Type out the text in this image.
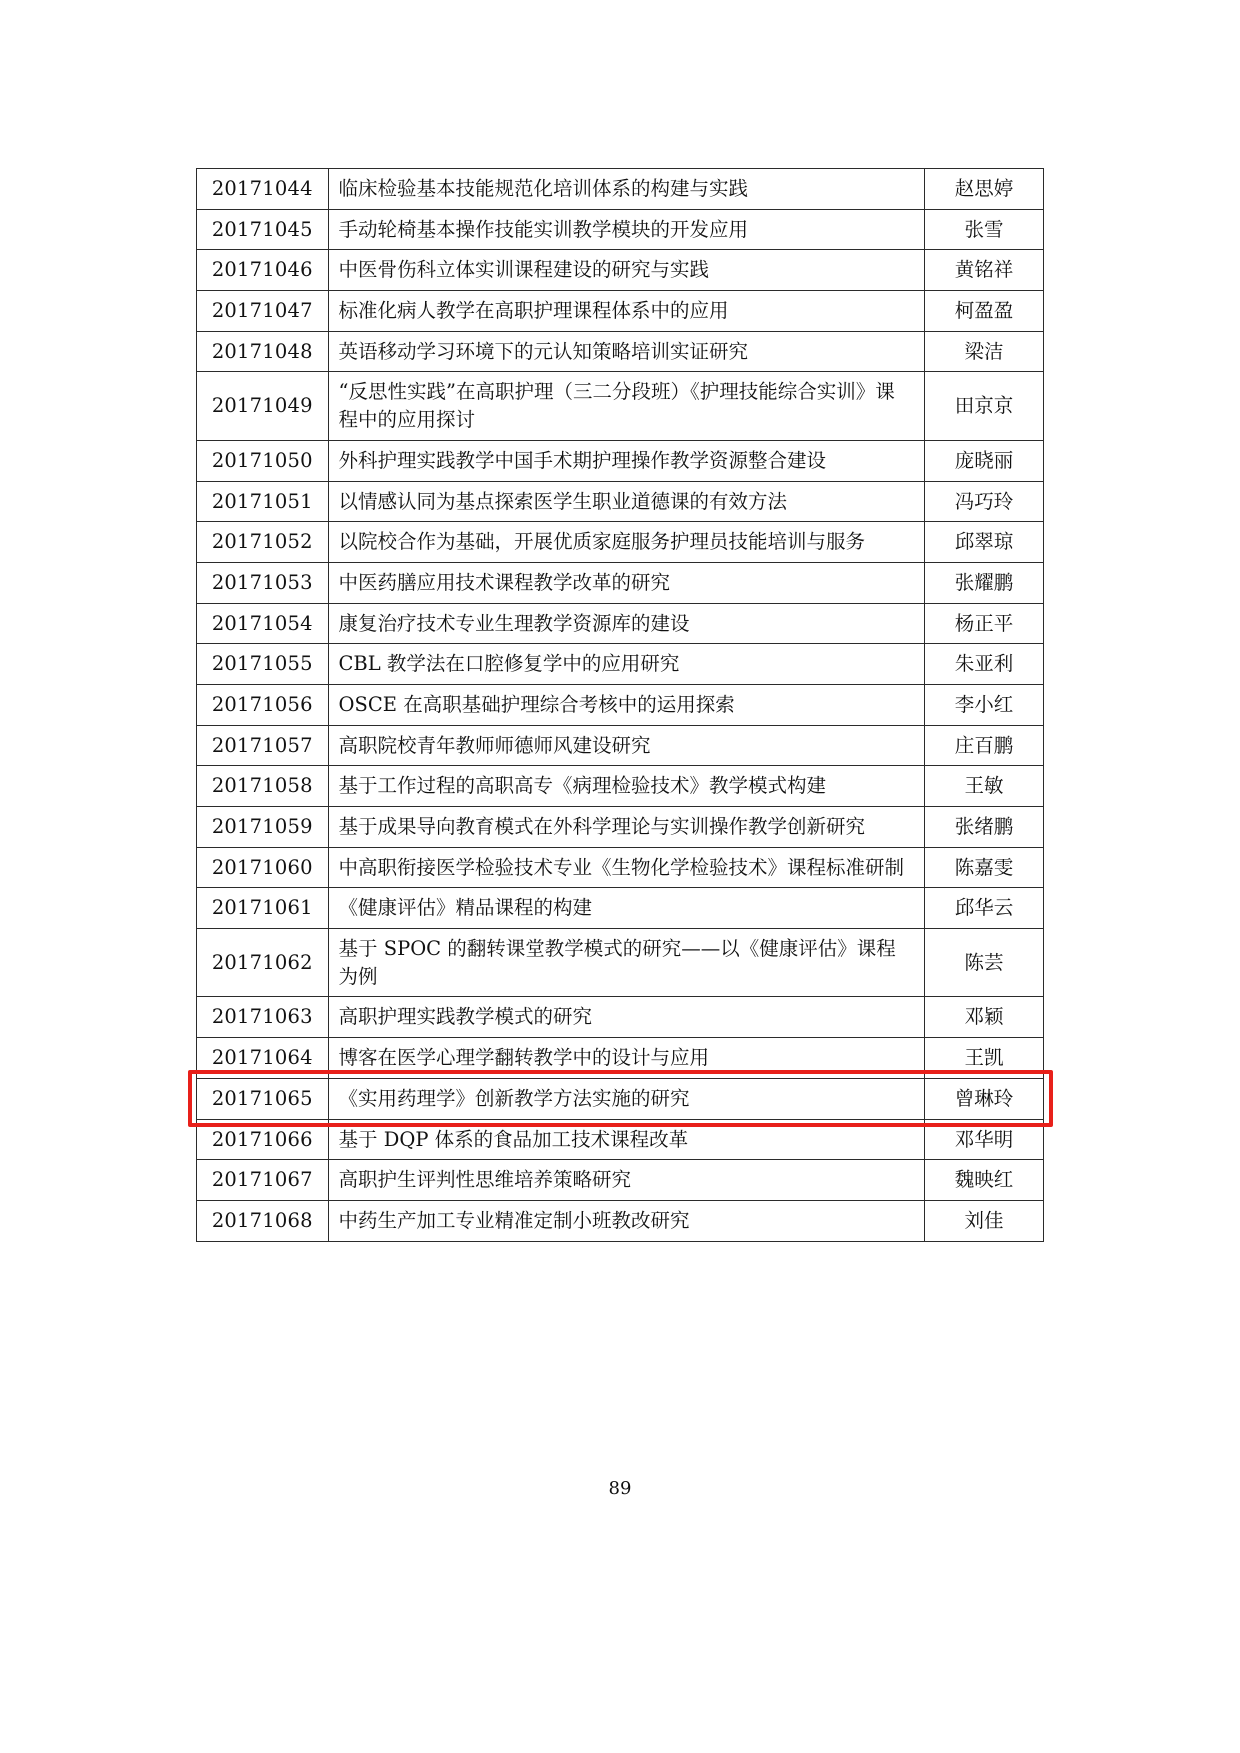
20171044	临床检验基本技能规范化培训体系的构建与实践	赵思婷
20171045	手动轮椅基本操作技能实训教学模块的开发应用	张雪
20171046	中医骨伤科立体实训课程建设的研究与实践	黄铭祥
20171047	标准化病人教学在高职护理课程体系中的应用	柯盈盈
20171048	英语移动学习环境下的元认知策略培训实证研究	梁洁
20171049	“反思性实践”在高职护理（三二分段班）《护理技能综合实训》课程中的应用探讨	田京京
20171050	外科护理实践教学中国手术期护理操作教学资源整合建设	庞晓丽
20171051	以情感认同为基点探索医学生职业道德课的有效方法	冯巧玲
20171052	以院校合作为基础，开展优质家庭服务护理员技能培训与服务	邱翠琼
20171053	中医药膳应用技术课程教学改革的研究	张耀鹏
20171054	康复治疗技术专业生理教学资源库的建设	杨正平
20171055	CBL 教学法在口腔修复学中的应用研究	朱亚利
20171056	OSCE 在高职基础护理综合考核中的运用探索	李小红
20171057	高职院校青年教师师德师风建设研究	庄百鹏
20171058	基于工作过程的高职高专《病理检验技术》教学模式构建	王敏
20171059	基于成果导向教育模式在外科学理论与实训操作教学创新研究	张绪鹏
20171060	中高职衔接医学检验技术专业《生物化学检验技术》课程标准研制	陈嘉雯
20171061	《健康评估》精品课程的构建	邱华云
20171062	基于 SPOC 的翻转课堂教学模式的研究——以《健康评估》课程为例	陈芸
20171063	高职护理实践教学模式的研究	邓颖
20171064	博客在医学心理学翻转教学中的设计与应用	王凯
20171065	《实用药理学》创新教学方法实施的研究	曾琳玲
20171066	基于 DQP 体系的食品加工技术课程改革	邓华明
20171067	高职护生评判性思维培养策略研究	魏映红
20171068	中药生产加工专业精准定制小班教改研究	刘佳
89
